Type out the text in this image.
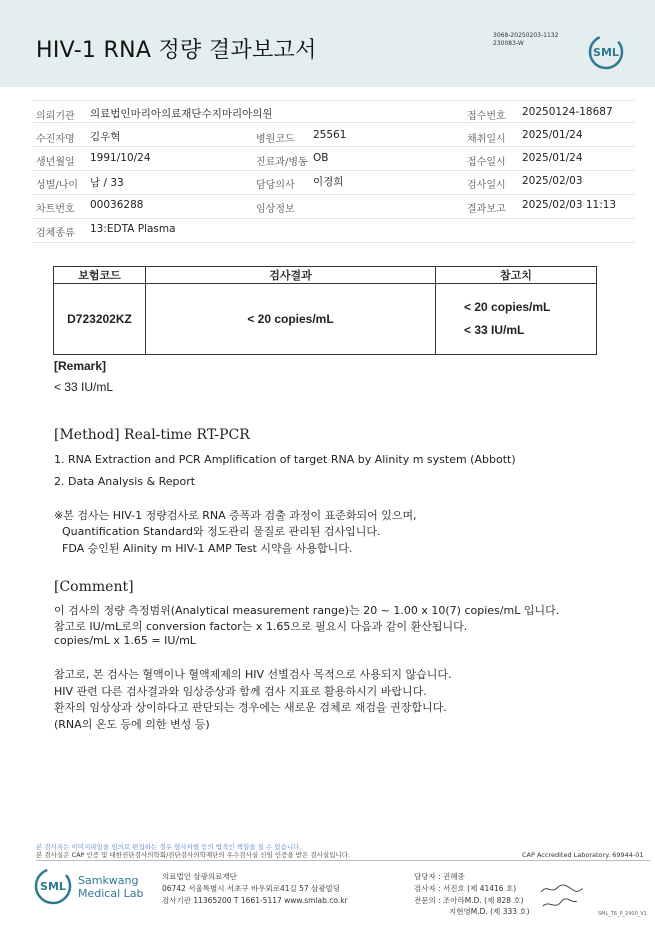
HIV-1 RNA 정량 결과보고서
3068-20250203-1132
230083-W
SML
의뢰기관 의료법인마리아의료재단수지마리아의원	접수번호 20250124-18687
수진자명 김우혁	병원코드 25561	채취일시 2025/01/24
생년월일 1991/10/24	진료과/병동 OB	접수일시 2025/01/24
성별/나이 남 / 33	담당의사 이경희	검사일시 2025/02/03
차트번호 00036288	임상정보	결과보고 2025/02/03 11:13
검체종류 13:EDTA Plasma
보험코드	검사결과	참고치
D723202KZ	< 20 copies/mL	< 20 copies/mL
< 33 IU/mL
[Remark]
< 33 IU/mL
[Method] Real-time RT-PCR
1. RNA Extraction and PCR Amplification of target RNA by Alinity m system (Abbott)
2. Data Analysis & Report
※본 검사는 HIV-1 정량검사로 RNA 증폭과 검출 과정이 표준화되어 있으며,
Quantification Standard와 정도관리 물질로 관리된 검사입니다.
FDA 승인된 Alinity m HIV-1 AMP Test 시약을 사용합니다.
[Comment]
이 검사의 정량 측정범위(Analytical measurement range)는 20 ~ 1.00 x 10(7) copies/mL 입니다.
참고로 IU/mL로의 conversion factor는 x 1.65으로 필요시 다음과 같이 환산됩니다.
copies/mL x 1.65 = IU/mL
참고로, 본 검사는 혈액이나 혈액제제의 HIV 선별검사 목적으로 사용되지 않습니다.
HIV 관련 다른 검사결과와 임상증상과 함께 검사 지표로 활용하시기 바랍니다.
환자의 임상상과 상이하다고 판단되는 경우에는 새로운 검체로 재검을 권장합니다.
(RNA의 온도 등에 의한 변성 등)
본 검사지는 이미지파일을 임의로 편집하는 경우 형사처벌 등의 법적인 책임을 질 수 있습니다.
본 검사실은 CAP 인증 및 대한진단검사의학회/진단검사의학재단의 우수검사실 신임 인증을 받은 검사실입니다.	CAP Accredited Laboratory. 69944-01
SML Samkwang
Medical Lab
의료법인 삼광의료재단
06742 서울특별시 서초구 바우뫼로41길 57 삼광빌딩
검사기관 11365200 T 1661-5117 www.smlab.co.kr
담당자 : 권혜중
검사자 : 서진호 (제 41416 호)
전문의 : 조아라M.D. (제 828 호)
지현영M.D. (제 333 호)	SML_T6_P_2400_V1
